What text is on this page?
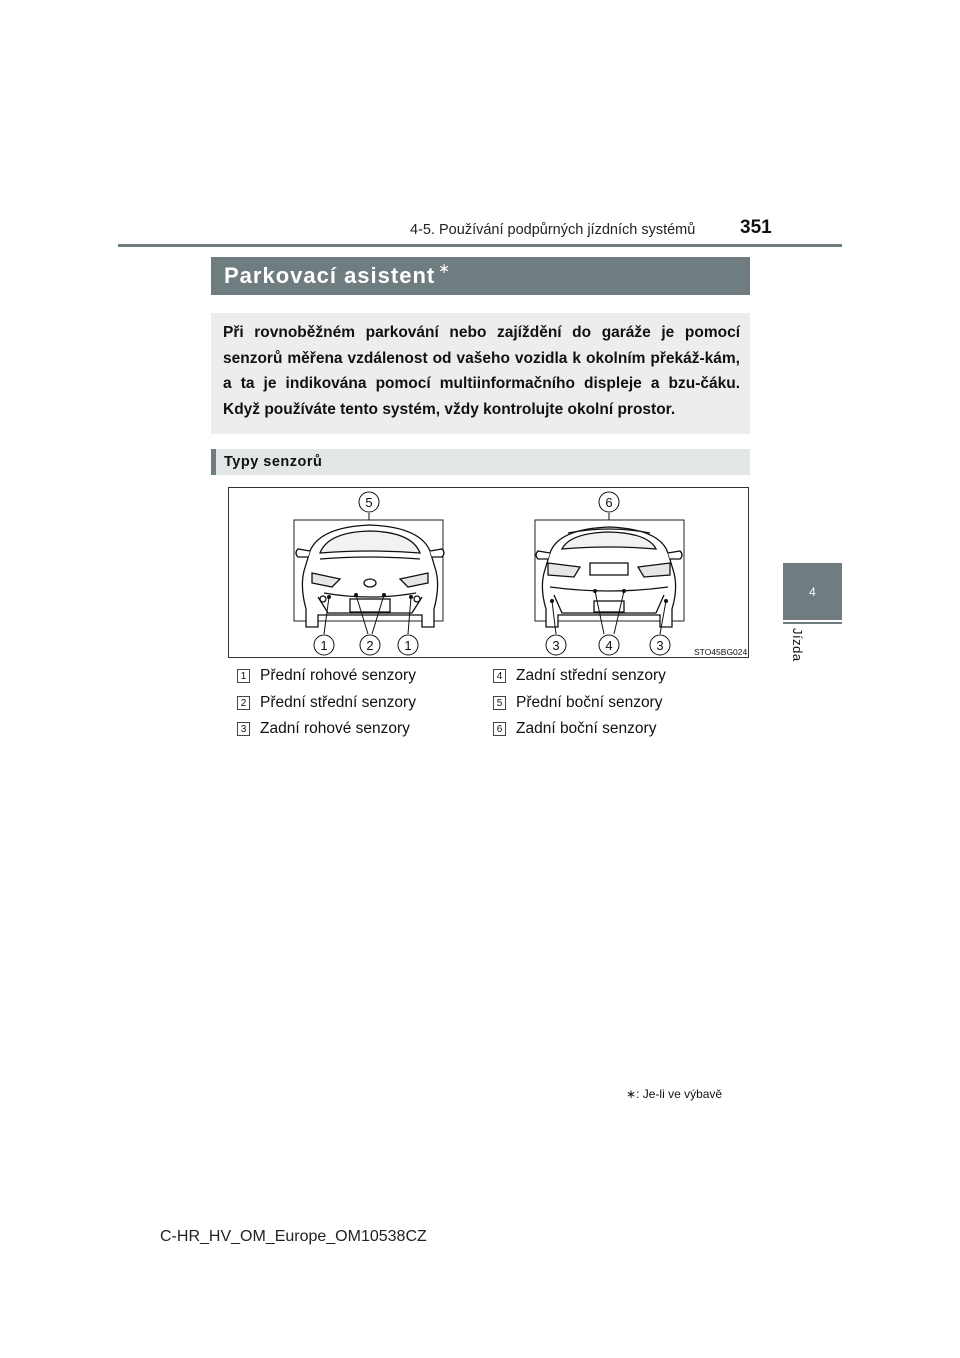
4-5. Používání podpůrných jízdních systémů 351
4
Jízda
Parkovací asistent ∗

Při rovnoběžném parkování nebo zajíždění do garáže je pomocí senzorů měřena vzdálenost od vašeho vozidla k okolním překáž-kám, a ta je indikována pomocí multiinformačního displeje a bzu-čáku. Když používáte tento systém, vždy kontrolujte okolní prostor.

Typy senzorů
1	2 1
5
3	4	3
6
STO45BG024
1 Přední rohové senzory
2 Přední střední senzory
3 Zadní rohové senzory
4 Zadní střední senzory
5 Přední boční senzory
6 Zadní boční senzory
∗: Je-li ve výbavě
C-HR_HV_OM_Europe_OM10538CZ
